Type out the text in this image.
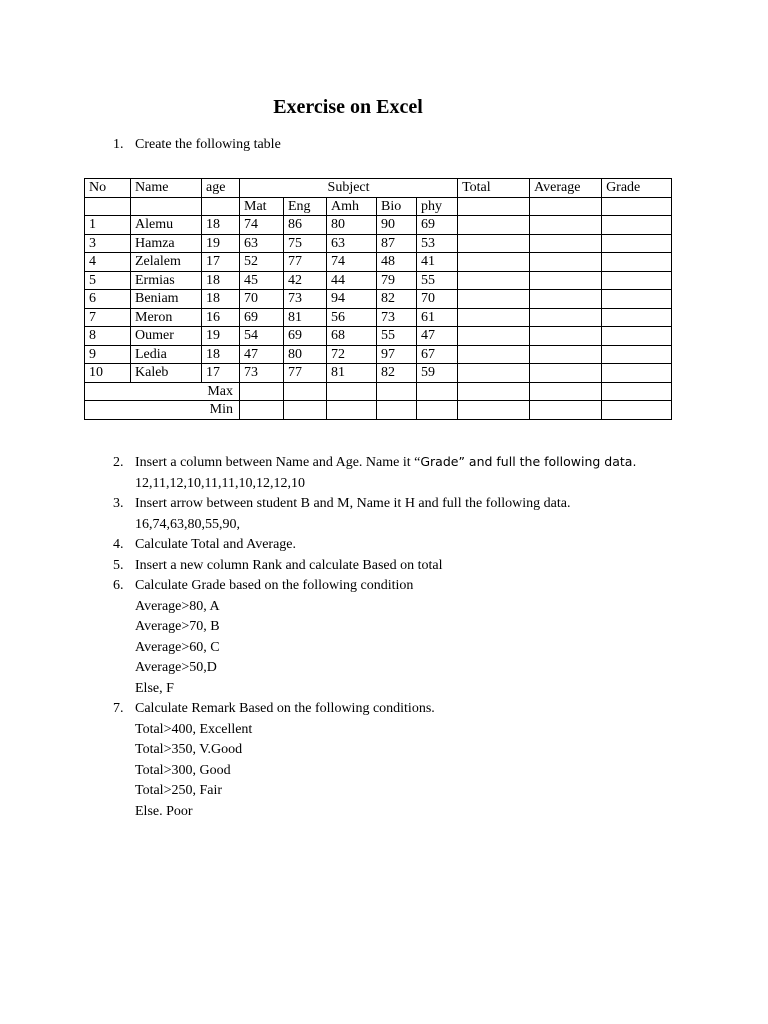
Exercise on Excel
1. Create the following table
No	Name	age	Subject					Total	Average	Grade
			Mat	Eng	Amh	Bio	phy			
1	Alemu	18	74	86	80	90	69			
3	Hamza	19	63	75	63	87	53			
4	Zelalem	17	52	77	74	48	41			
5	Ermias	18	45	42	44	79	55			
6	Beniam	18	70	73	94	82	70			
7	Meron	16	69	81	56	73	61			
8	Oumer	19	54	69	68	55	47			
9	Ledia	18	47	80	72	97	67			
10	Kaleb	17	73	77	81	82	59			
Max										
Min										
2. Insert a column between Name and Age. Name it “Grade” and full the following data.
12,11,12,10,11,11,10,12,12,10
3. Insert arrow between student B and M, Name it H and full the following data.
16,74,63,80,55,90,
4. Calculate Total and Average.
5. Insert a new column Rank and calculate Based on total
6. Calculate Grade based on the following condition
Average>80, A
Average>70, B
Average>60, C
Average>50,D
Else, F
7. Calculate Remark Based on the following conditions.
Total>400, Excellent
Total>350, V.Good
Total>300, Good
Total>250, Fair
Else. Poor
